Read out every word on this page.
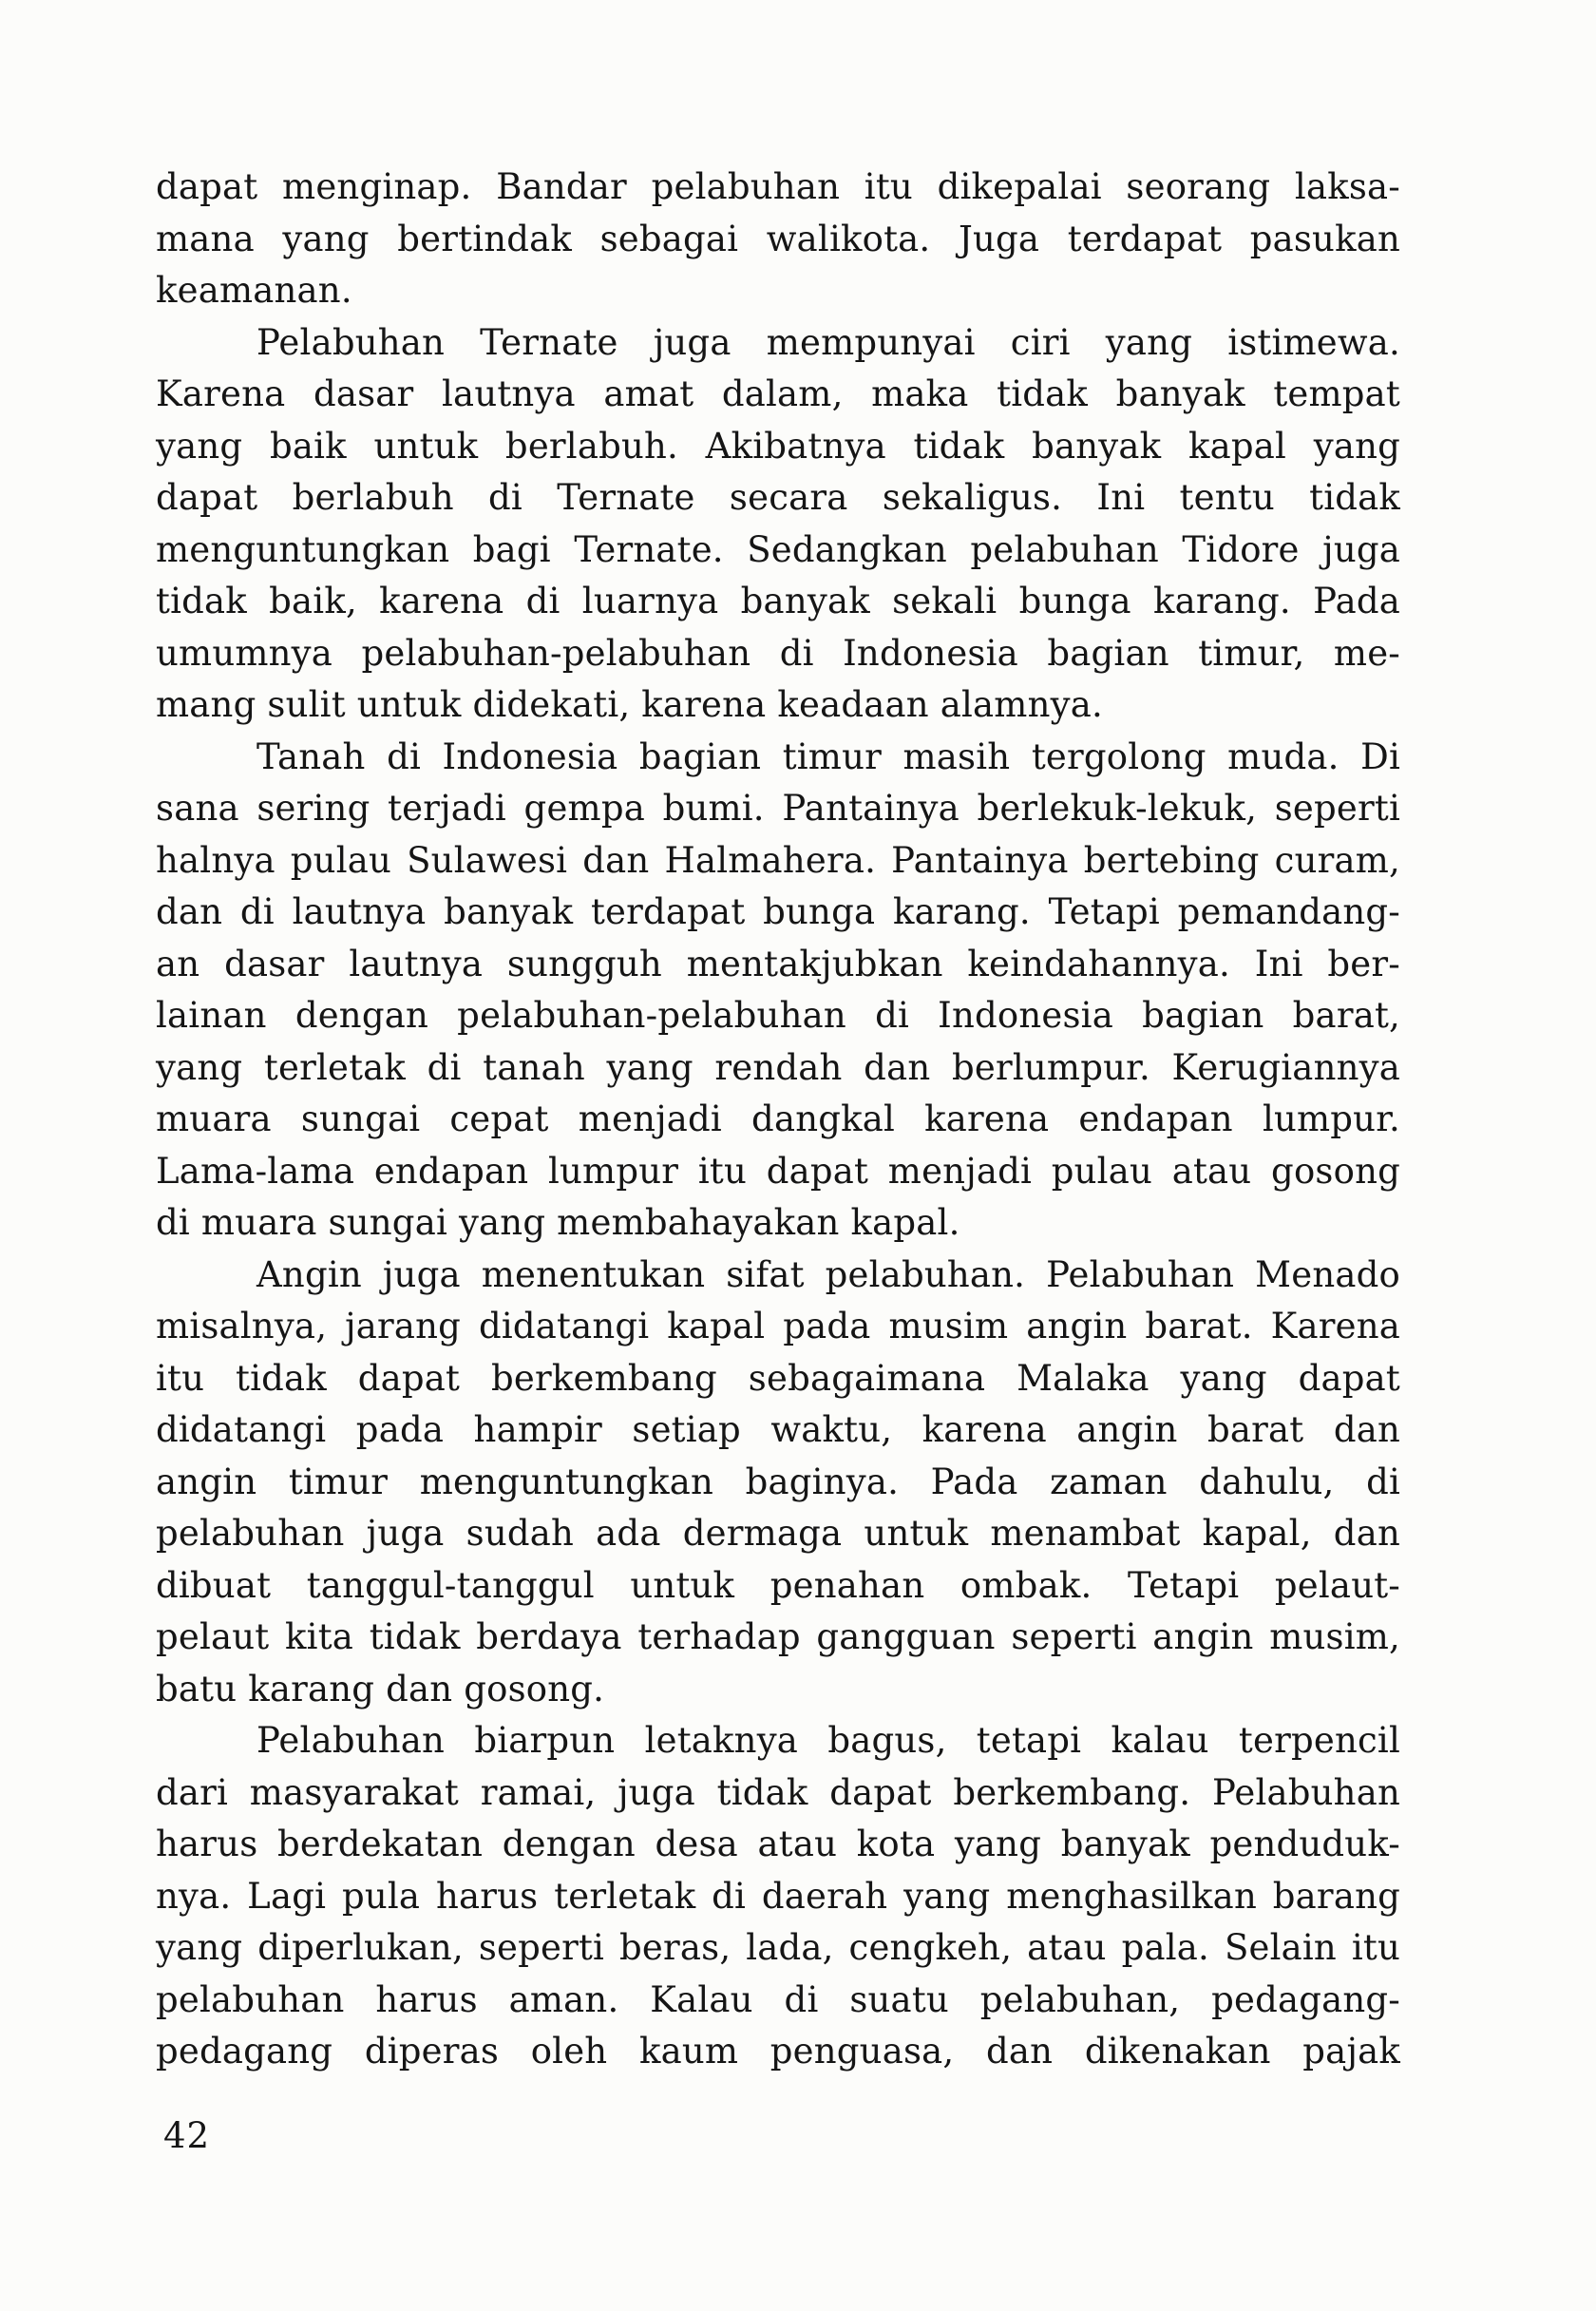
dapat menginap. Bandar pelabuhan itu dikepalai seorang laksa-
mana yang bertindak sebagai walikota. Juga terdapat pasukan
keamanan.
Pelabuhan Ternate juga mempunyai ciri yang istimewa.
Karena dasar lautnya amat dalam, maka tidak banyak tempat
yang baik untuk berlabuh. Akibatnya tidak banyak kapal yang
dapat berlabuh di Ternate secara sekaligus. Ini tentu tidak
menguntungkan bagi Ternate. Sedangkan pelabuhan Tidore juga
tidak baik, karena di luarnya banyak sekali bunga karang. Pada
umumnya pelabuhan-pelabuhan di Indonesia bagian timur, me-
mang sulit untuk didekati, karena keadaan alamnya.
Tanah di Indonesia bagian timur masih tergolong muda. Di
sana sering terjadi gempa bumi. Pantainya berlekuk-lekuk, seperti
halnya pulau Sulawesi dan Halmahera. Pantainya bertebing curam,
dan di lautnya banyak terdapat bunga karang. Tetapi pemandang-
an dasar lautnya sungguh mentakjubkan keindahannya. Ini ber-
lainan dengan pelabuhan-pelabuhan di Indonesia bagian barat,
yang terletak di tanah yang rendah dan berlumpur. Kerugiannya
muara sungai cepat menjadi dangkal karena endapan lumpur.
Lama-lama endapan lumpur itu dapat menjadi pulau atau gosong
di muara sungai yang membahayakan kapal.
Angin juga menentukan sifat pelabuhan. Pelabuhan Menado
misalnya, jarang didatangi kapal pada musim angin barat. Karena
itu tidak dapat berkembang sebagaimana Malaka yang dapat
didatangi pada hampir setiap waktu, karena angin barat dan
angin timur menguntungkan baginya. Pada zaman dahulu, di
pelabuhan juga sudah ada dermaga untuk menambat kapal, dan
dibuat tanggul-tanggul untuk penahan ombak. Tetapi pelaut-
pelaut kita tidak berdaya terhadap gangguan seperti angin musim,
batu karang dan gosong.
Pelabuhan biarpun letaknya bagus, tetapi kalau terpencil
dari masyarakat ramai, juga tidak dapat berkembang. Pelabuhan
harus berdekatan dengan desa atau kota yang banyak penduduk-
nya. Lagi pula harus terletak di daerah yang menghasilkan barang
yang diperlukan, seperti beras, lada, cengkeh, atau pala. Selain itu
pelabuhan harus aman. Kalau di suatu pelabuhan, pedagang-
pedagang diperas oleh kaum penguasa, dan dikenakan pajak
42
